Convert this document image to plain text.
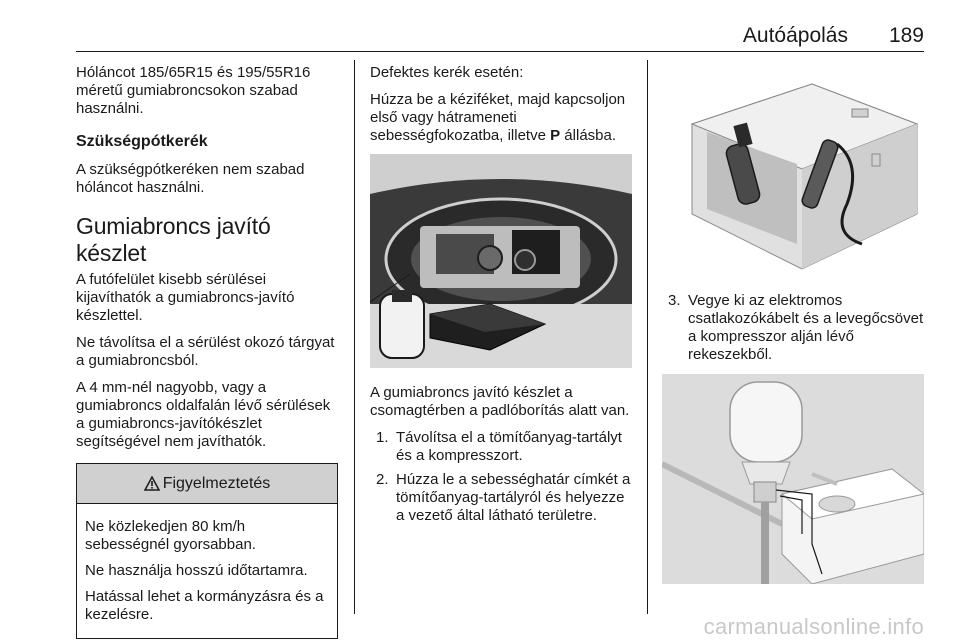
Autóápolás 189

Hóláncot 185/65R15 és 195/55R16 méretű gumiabroncsokon szabad használni.

Szükségpótkerék

A szükségpótkeréken nem szabad hóláncot használni.

Gumiabroncs javító készlet

A futófelület kisebb sérülései kijavíthatók a gumiabroncs-javító készlettel.

Ne távolítsa el a sérülést okozó tárgyat a gumiabroncsból.

A 4 mm-nél nagyobb, vagy a gumiabroncs oldalfalán lévő sérülések a gumiabroncs-javítókészlet segítségével nem javíthatók.

Figyelmeztetés

Ne közlekedjen 80 km/h sebességnél gyorsabban.

Ne használja hosszú időtartamra.

Hatással lehet a kormányzásra és a kezelésre.

Defektes kerék esetén:

Húzza be a kéziféket, majd kapcsoljon első vagy hátrameneti sebességfokozatba, illetve P állásba.

A gumiabroncs javító készlet a csomagtérben a padlóborítás alatt van.

1. Távolítsa el a tömítőanyag-tartályt és a kompresszort.
2. Húzza le a sebességhatár címkét a tömítőanyag-tartályról és helyezze a vezető által látható területre.
3. Vegye ki az elektromos csatlakozókábelt és a levegőcsövet a kompresszor alján lévő rekeszekből.
carmanualsonline.info
